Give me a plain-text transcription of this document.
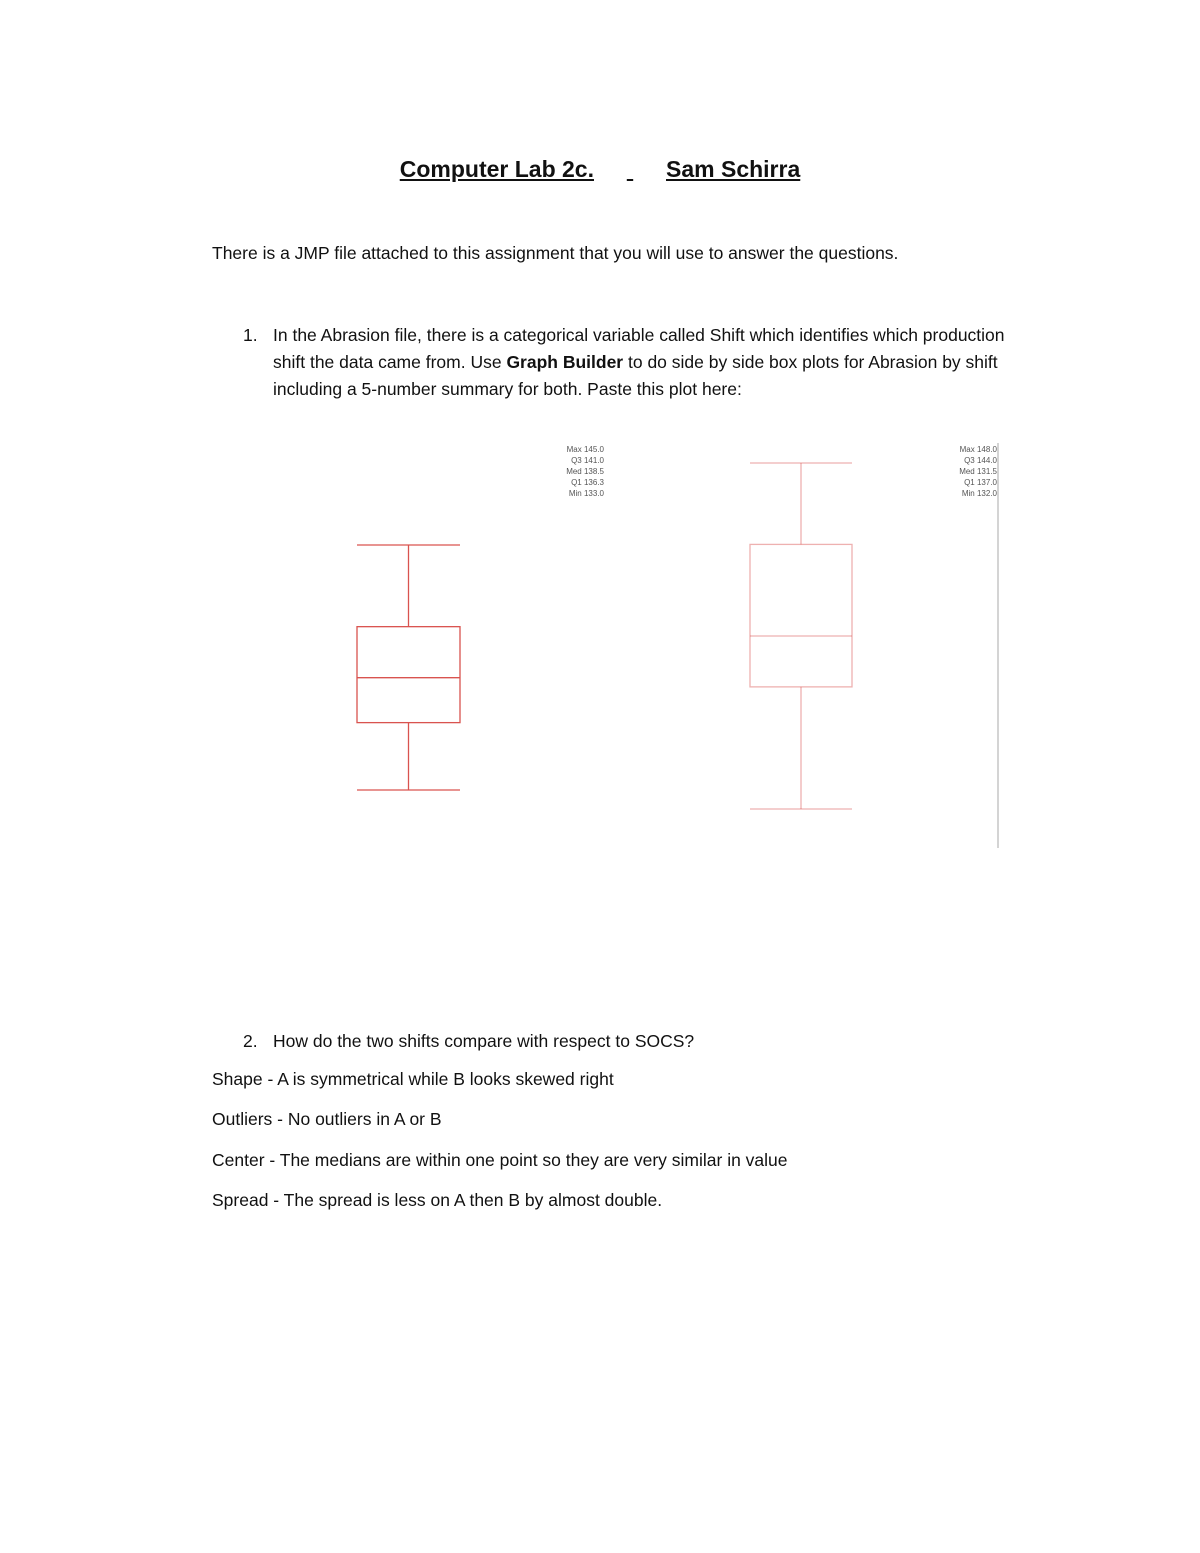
Computer Lab 2c.	Sam Schirra
There is a JMP file attached to this assignment that you will use to answer the questions.
1. In the Abrasion file, there is a categorical variable called Shift which identifies which production shift the data came from. Use Graph Builder to do side by side box plots for Abrasion by shift including a 5-number summary for both. Paste this plot here:
Max 145.0
Q3 141.0
Med 138.5
Q1 136.3
Min 133.0
Max 148.0
Q3 144.0
Med 131.5
Q1 137.0
Min 132.0
2. How do the two shifts compare with respect to SOCS?
Shape - A is symmetrical while B looks skewed right
Outliers - No outliers in A or B
Center - The medians are within one point so they are very similar in value
Spread - The spread is less on A then B by almost double.
